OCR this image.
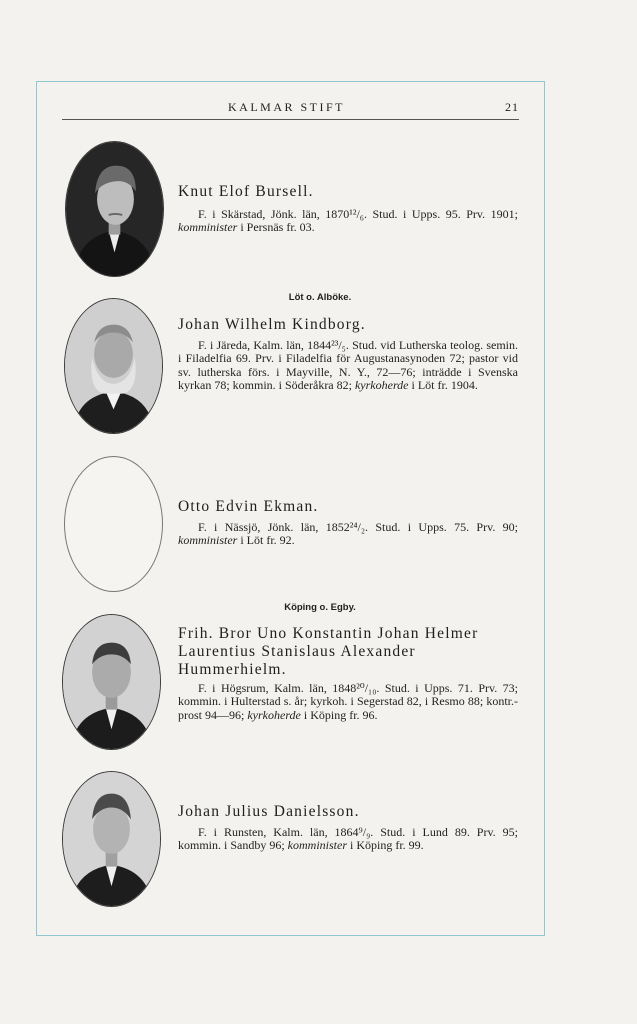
KALMAR STIFT	21
Knut Elof Bursell.
F. i Skärstad, Jönk. län, 1870¹²/₆. Stud. i Upps. 95. Prv. 1901; komminister i Persnäs fr. 03.
Löt o. Alböke.
Johan Wilhelm Kindborg.
F. i Järeda, Kalm. län, 1844²³/₅. Stud. vid Lutherska teolog. semin. i Filadelfia 69. Prv. i Filadelfia för Augustanasynoden 72; pastor vid sv. lutherska förs. i Mayville, N. Y., 72—76; inträdde i Svenska kyrkan 78; kommin. i Söderåkra 82; kyrkoherde i Löt fr. 1904.
Otto Edvin Ekman.
F. i Nässjö, Jönk. län, 1852²⁴/₂. Stud. i Upps. 75. Prv. 90; komminister i Löt fr. 92.
Köping o. Egby.
Frih. Bror Uno Konstantin Johan Helmer Laurentius Stanislaus Alexander Hummerhielm.
F. i Högsrum, Kalm. län, 1848²⁰/₁₀. Stud. i Upps. 71. Prv. 73; kommin. i Hulterstad s. år; kyrkoh. i Segerstad 82, i Resmo 88; kontr.-prost 94—96; kyrkoherde i Köping fr. 96.
Johan Julius Danielsson.
F. i Runsten, Kalm. län, 1864⁹/₉. Stud. i Lund 89. Prv. 95; kommin. i Sandby 96; komminister i Köping fr. 99.
